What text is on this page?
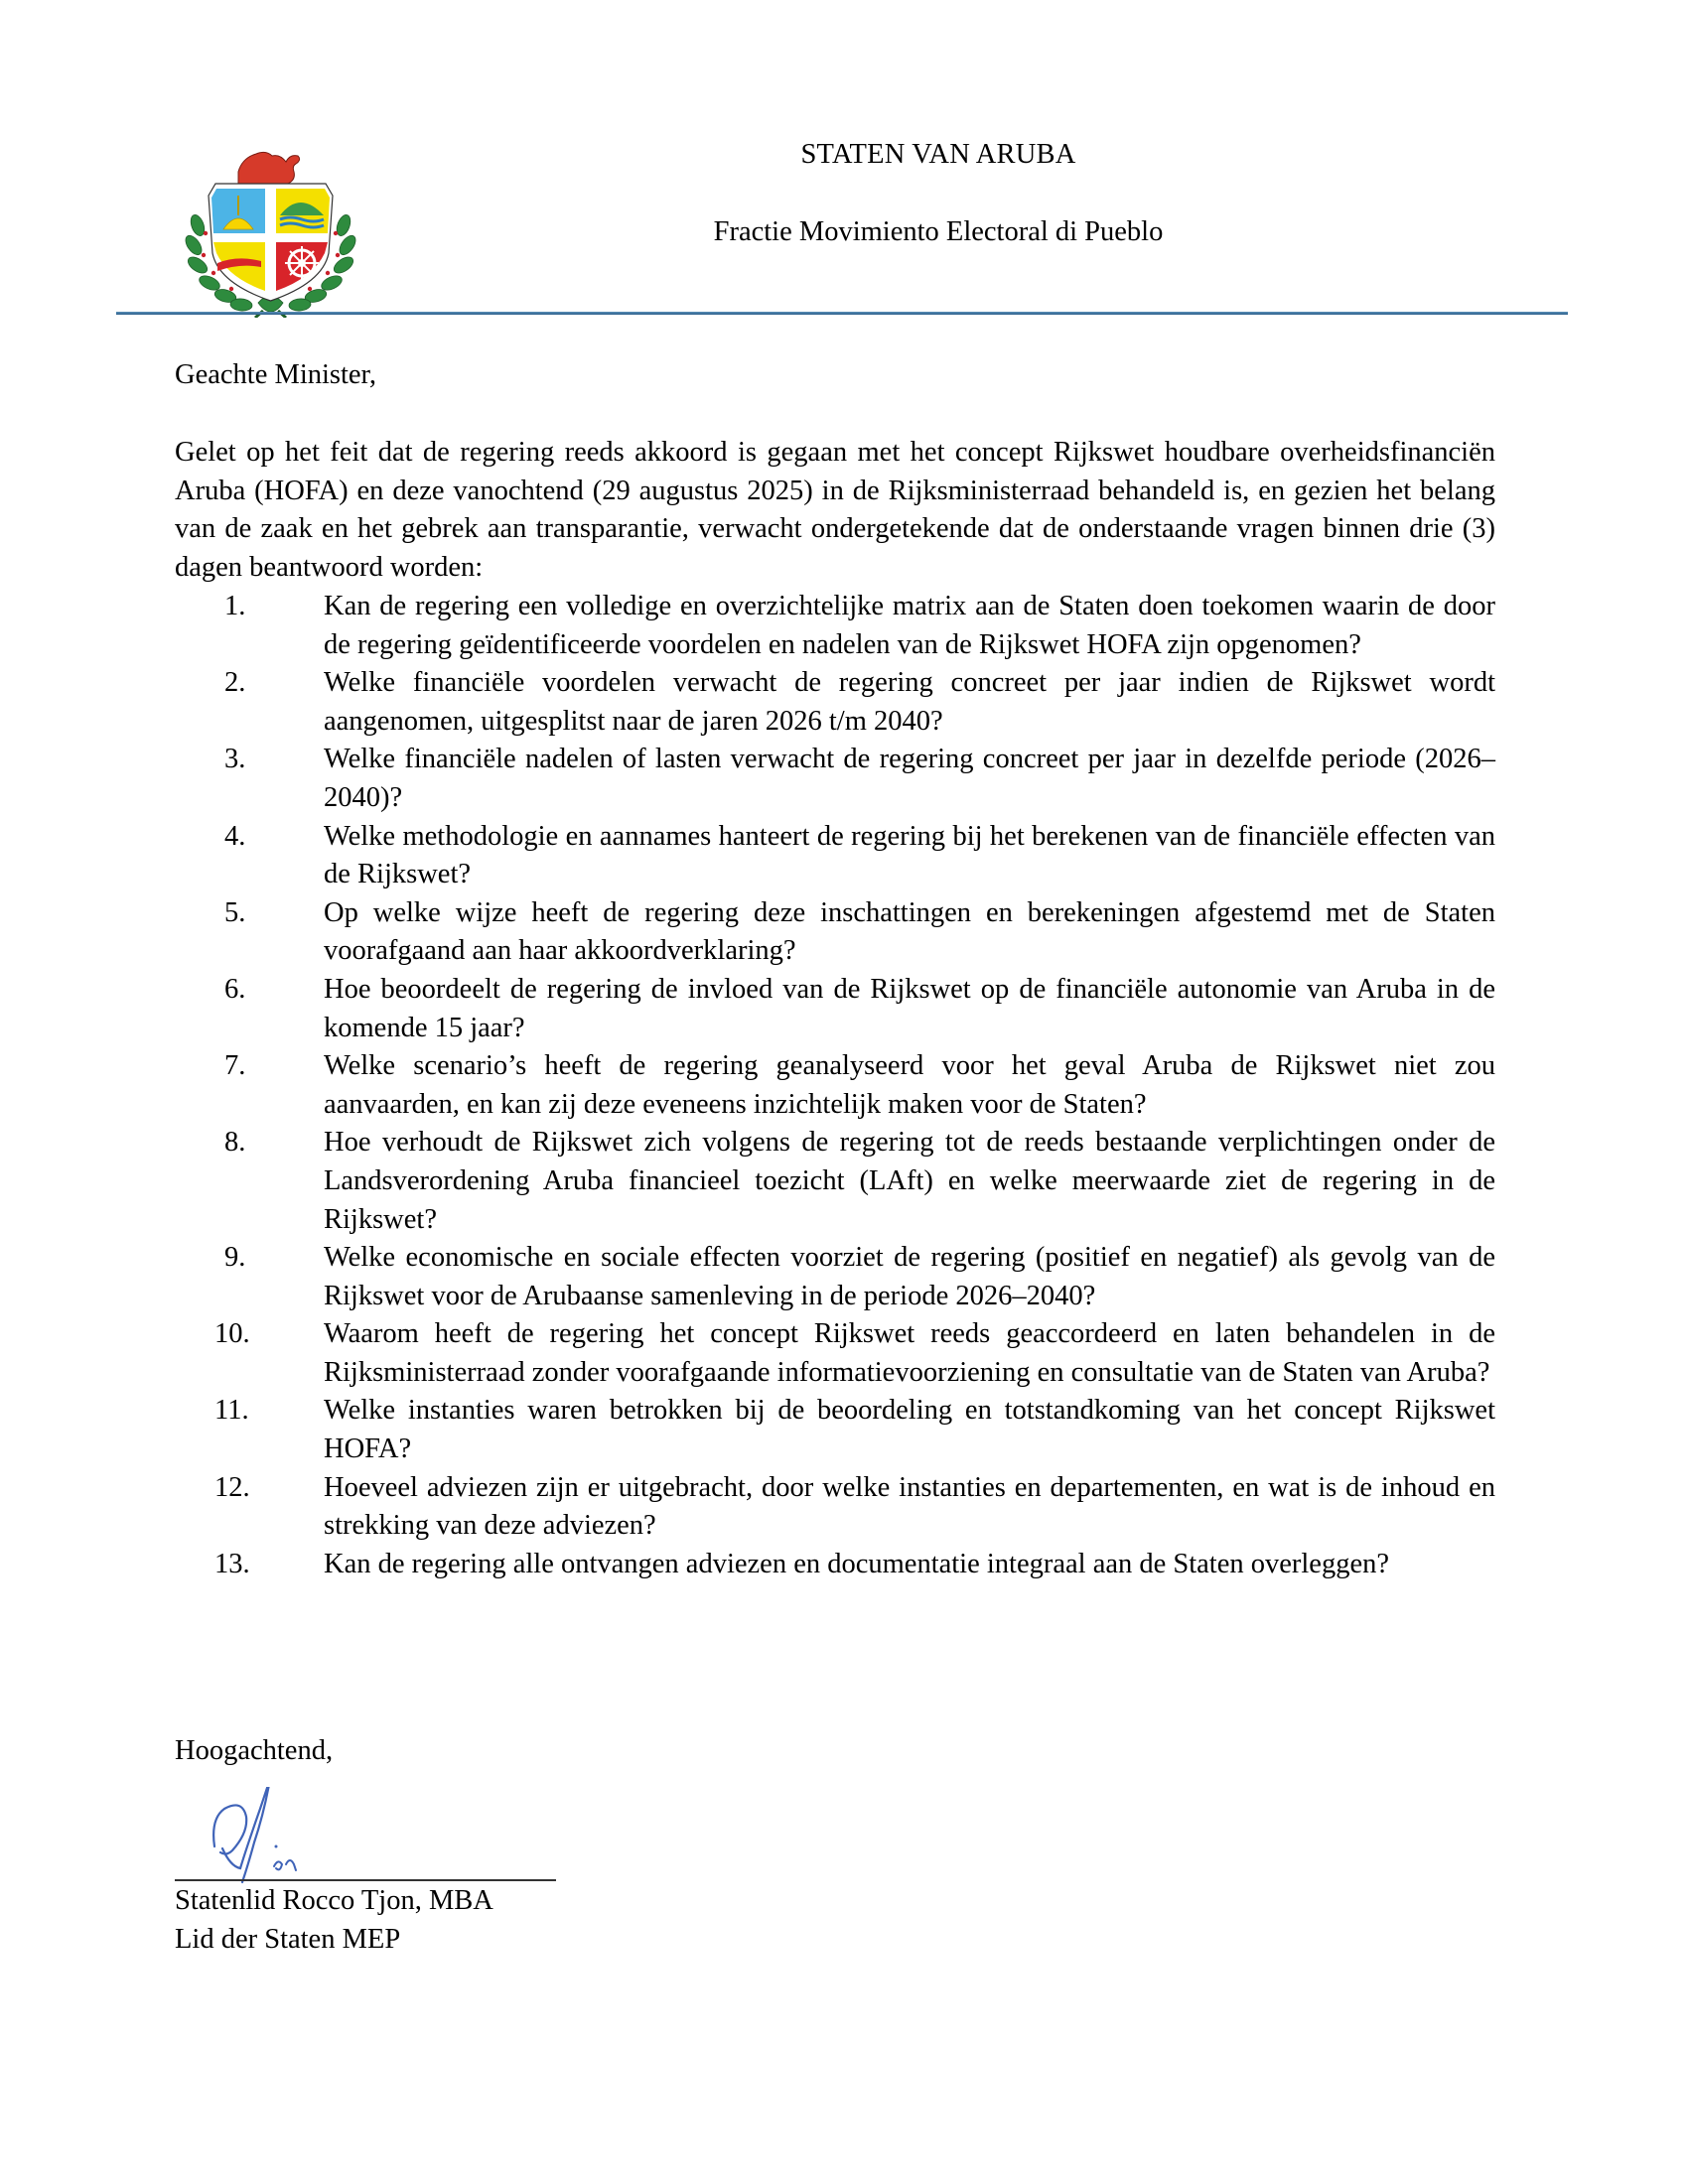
STATEN VAN ARUBA
Fractie Movimiento Electoral di Pueblo
Geachte Minister,
Gelet op het feit dat de regering reeds akkoord is gegaan met het concept Rijkswet houdbare overheidsfinanciën Aruba (HOFA) en deze vanochtend (29 augustus 2025) in de Rijksministerraad behandeld is, en gezien het belang van de zaak en het gebrek aan transparantie, verwacht ondergetekende dat de onderstaande vragen binnen drie (3) dagen beantwoord worden:
1.	Kan de regering een volledige en overzichtelijke matrix aan de Staten doen toekomen waarin de door de regering geïdentificeerde voordelen en nadelen van de Rijkswet HOFA zijn opgenomen?
2.	Welke financiële voordelen verwacht de regering concreet per jaar indien de Rijkswet wordt aangenomen, uitgesplitst naar de jaren 2026 t/m 2040?
3.	Welke financiële nadelen of lasten verwacht de regering concreet per jaar in dezelfde periode (2026–2040)?
4.	Welke methodologie en aannames hanteert de regering bij het berekenen van de financiële effecten van de Rijkswet?
5.	Op welke wijze heeft de regering deze inschattingen en berekeningen afgestemd met de Staten voorafgaand aan haar akkoordverklaring?
6.	Hoe beoordeelt de regering de invloed van de Rijkswet op de financiële autonomie van Aruba in de komende 15 jaar?
7.	Welke scenario’s heeft de regering geanalyseerd voor het geval Aruba de Rijkswet niet zou aanvaarden, en kan zij deze eveneens inzichtelijk maken voor de Staten?
8.	Hoe verhoudt de Rijkswet zich volgens de regering tot de reeds bestaande verplichtingen onder de Landsverordening Aruba financieel toezicht (LAft) en welke meerwaarde ziet de regering in de Rijkswet?
9.	Welke economische en sociale effecten voorziet de regering (positief en negatief) als gevolg van de Rijkswet voor de Arubaanse samenleving in de periode 2026–2040?
10.	Waarom heeft de regering het concept Rijkswet reeds geaccordeerd en laten behandelen in de Rijksministerraad zonder voorafgaande informatievoorziening en consultatie van de Staten van Aruba?
11.	Welke instanties waren betrokken bij de beoordeling en totstandkoming van het concept Rijkswet HOFA?
12.	Hoeveel adviezen zijn er uitgebracht, door welke instanties en departementen, en wat is de inhoud en strekking van deze adviezen?
13.	Kan de regering alle ontvangen adviezen en documentatie integraal aan de Staten overleggen?
Hoogachtend,
Statenlid Rocco Tjon, MBA
Lid der Staten MEP
